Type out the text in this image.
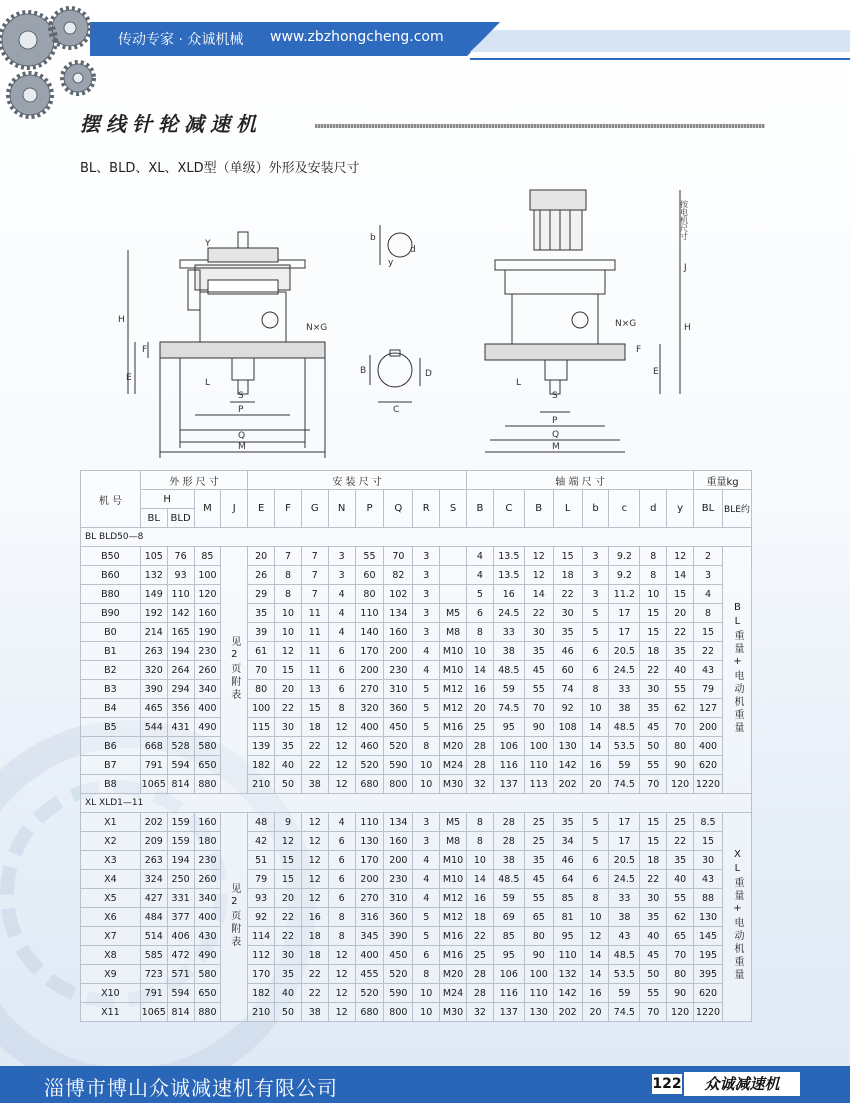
传动专家 · 众诚机械 www.zbzhongcheng.com
摆线针轮减速机
BL、BLD、XL、XLD型（单级）外形及安装尺寸
H
E
F
L
S
P
Q
M
N×G
Y
b
d
y
B
C
D
按电机尺寸
J
H
E
F
L
S
P
Q
M
N×G
机 号	外 形 尺 寸				安 装 尺 寸								轴 端 尺 寸								重量kg	
	H		M	J	E	F	G	N	P	Q	R	S	B	C	B	L	b	c	d	y	BL	BLE约
	BL	BLD																				
BL BLD50—8																						
B50	105	76	85	见2页附表	20	7	7	3	55	70	3		4	13.5	12	15	3	9.2	8	12	2	BL重量+电动机重量
B60	132	93	100		26	8	7	3	60	82	3		4	13.5	12	18	3	9.2	8	14	3	
B80	149	110	120		29	8	7	4	80	102	3		5	16	14	22	3	11.2	10	15	4	
B90	192	142	160		35	10	11	4	110	134	3	M5	6	24.5	22	30	5	17	15	20	8	
B0	214	165	190		39	10	11	4	140	160	3	M8	8	33	30	35	5	17	15	22	15	
B1	263	194	230		61	12	11	6	170	200	4	M10	10	38	35	46	6	20.5	18	35	22	
B2	320	264	260		70	15	11	6	200	230	4	M10	14	48.5	45	60	6	24.5	22	40	43	
B3	390	294	340		80	20	13	6	270	310	5	M12	16	59	55	74	8	33	30	55	79	
B4	465	356	400		100	22	15	8	320	360	5	M12	20	74.5	70	92	10	38	35	62	127	
B5	544	431	490		115	30	18	12	400	450	5	M16	25	95	90	108	14	48.5	45	70	200	
B6	668	528	580		139	35	22	12	460	520	8	M20	28	106	100	130	14	53.5	50	80	400	
B7	791	594	650		182	40	22	12	520	590	10	M24	28	116	110	142	16	59	55	90	620	
B8	1065	814	880		210	50	38	12	680	800	10	M30	32	137	113	202	20	74.5	70	120	1220	
XL XLD1—11																						
X1	202	159	160	见2页附表	48	9	12	4	110	134	3	M5	8	28	25	35	5	17	15	25	8.5	XL重量+电动机重量
X2	209	159	180		42	12	12	6	130	160	3	M8	8	28	25	34	5	17	15	22	15	
X3	263	194	230		51	15	12	6	170	200	4	M10	10	38	35	46	6	20.5	18	35	30	
X4	324	250	260		79	15	12	6	200	230	4	M10	14	48.5	45	64	6	24.5	22	40	43	
X5	427	331	340		93	20	12	6	270	310	4	M12	16	59	55	85	8	33	30	55	88	
X6	484	377	400		92	22	16	8	316	360	5	M12	18	69	65	81	10	38	35	62	130	
X7	514	406	430		114	22	18	8	345	390	5	M16	22	85	80	95	12	43	40	65	145	
X8	585	472	490		112	30	18	12	400	450	6	M16	25	95	90	110	14	48.5	45	70	195	
X9	723	571	580		170	35	22	12	455	520	8	M20	28	106	100	132	14	53.5	50	80	395	
X10	791	594	650		182	40	22	12	520	590	10	M24	28	116	110	142	16	59	55	90	620	
X11	1065	814	880		210	50	38	12	680	800	10	M30	32	137	130	202	20	74.5	70	120	1220	
淄博市博山众诚减速机有限公司	122	众诚减速机
